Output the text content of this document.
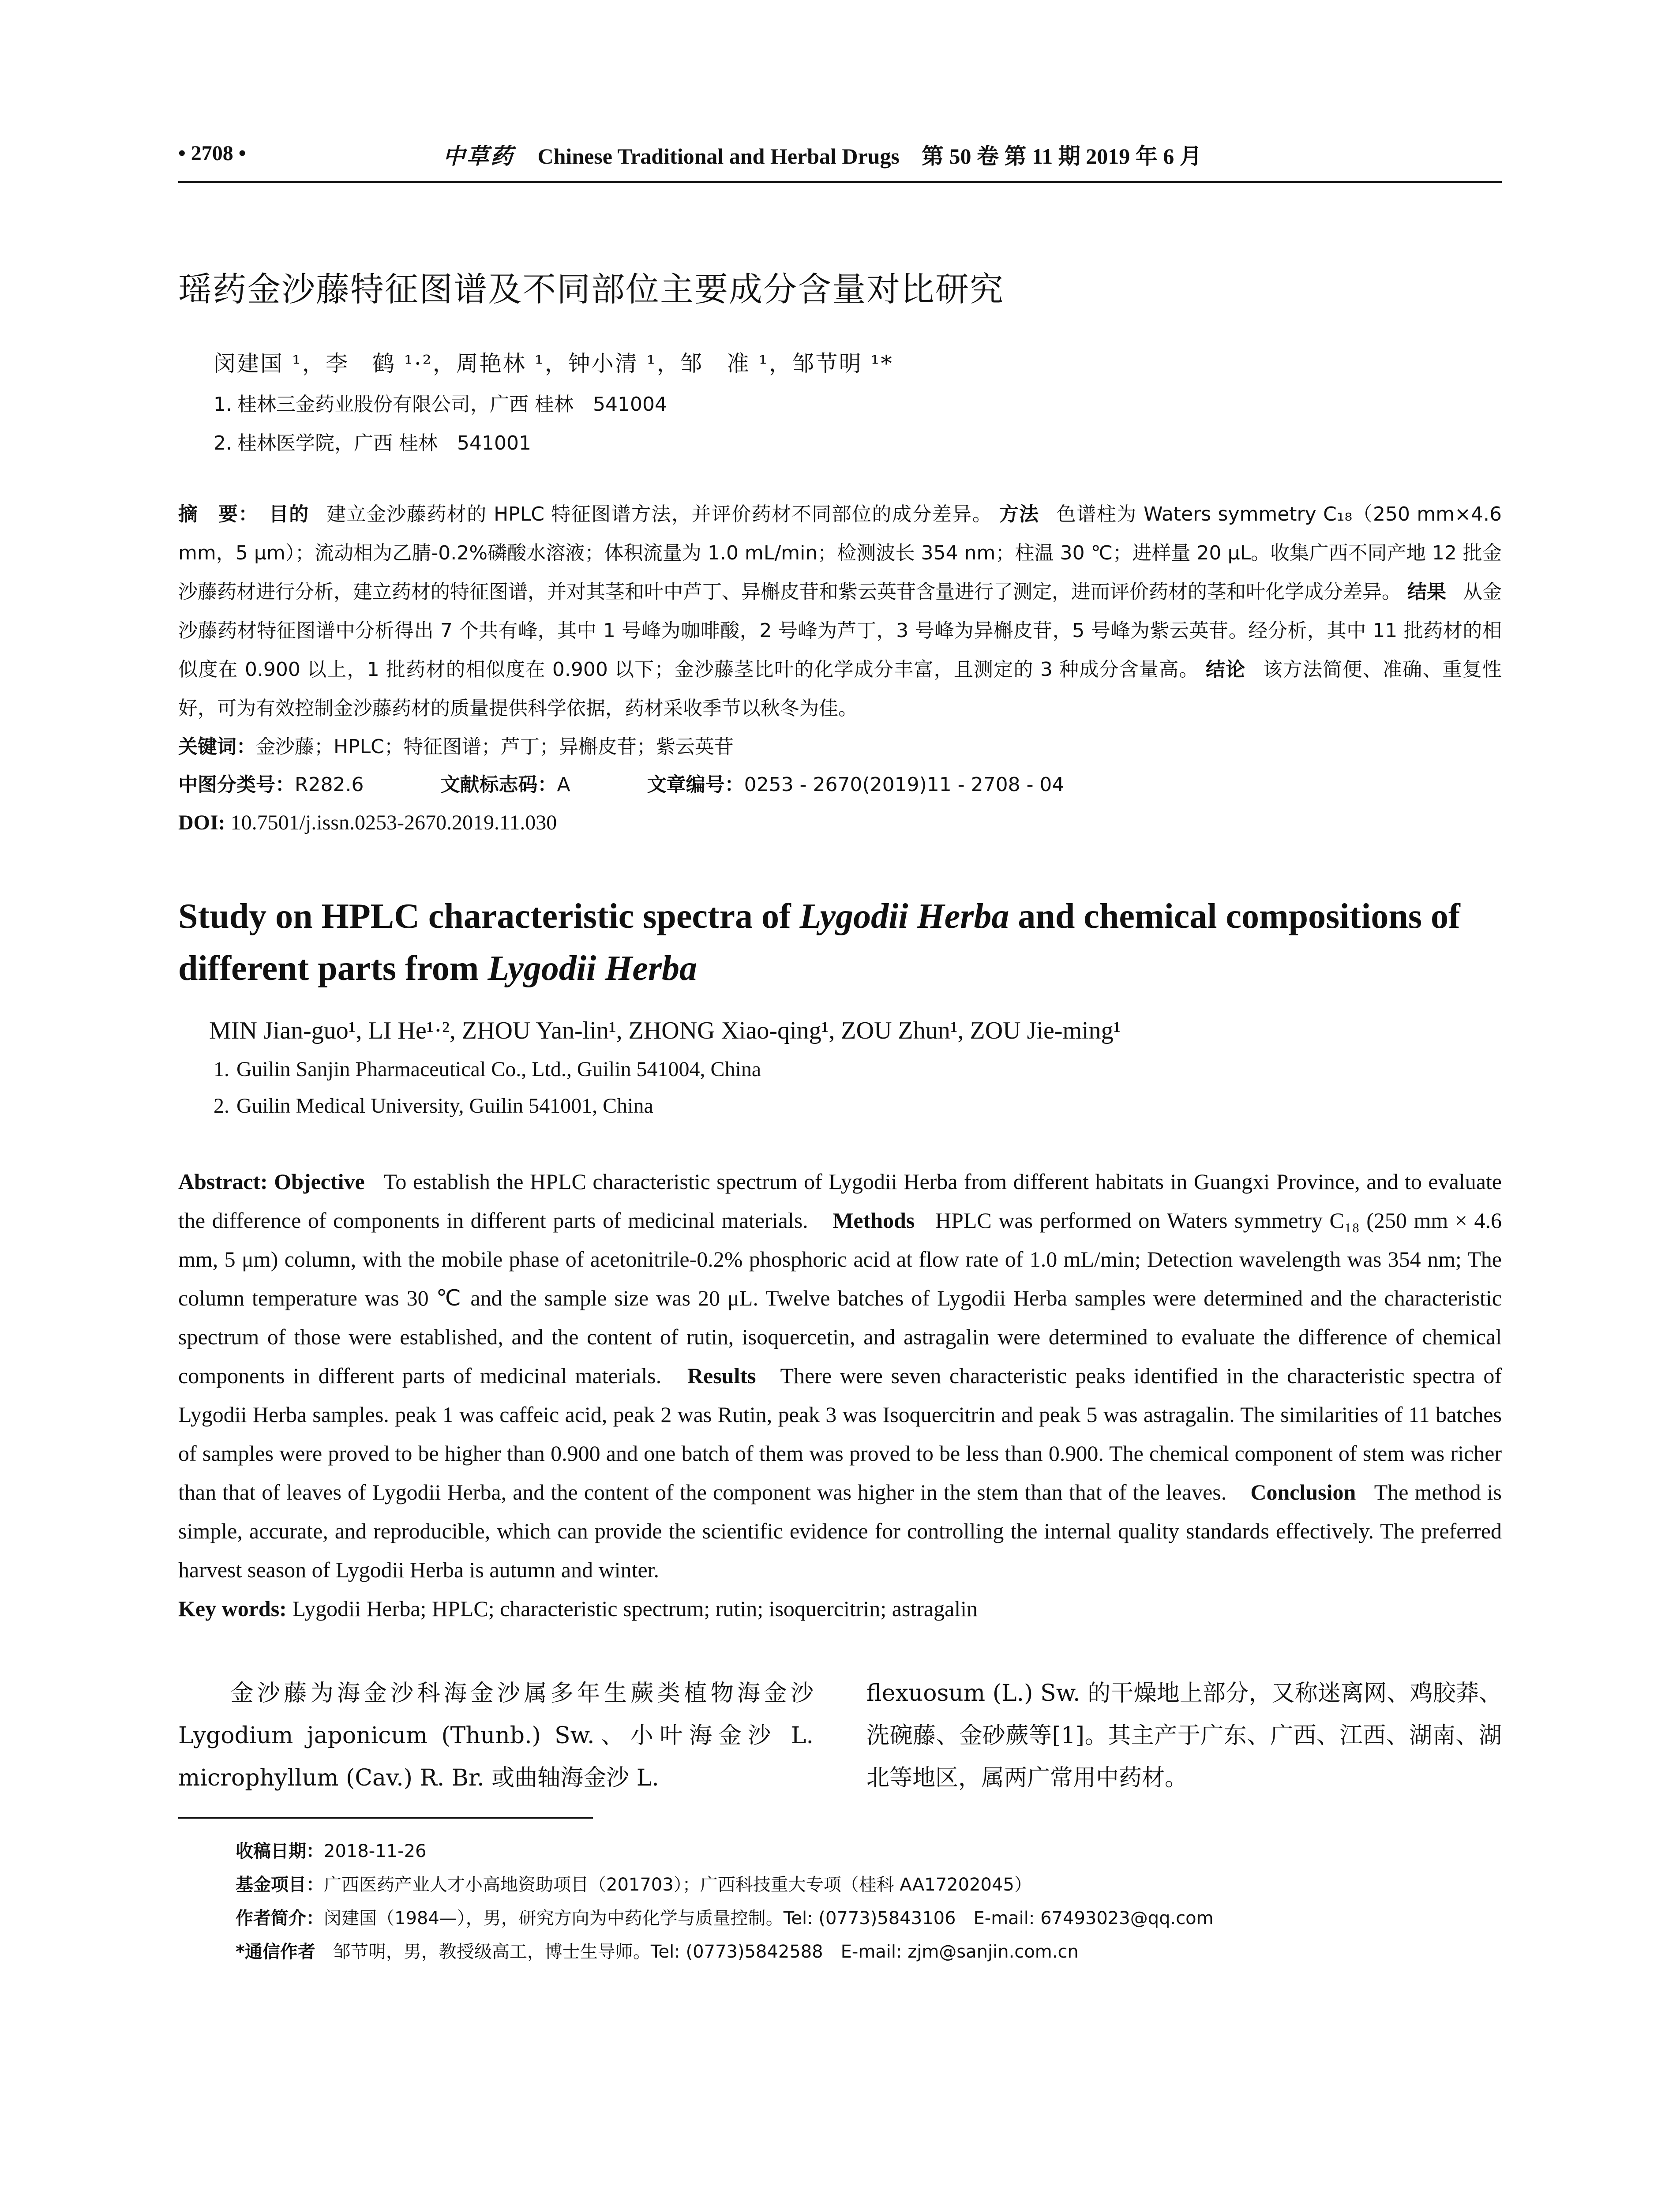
• 2708 •	中草药 Chinese Traditional and Herbal Drugs 第 50 卷 第 11 期 2019 年 6 月
瑶药金沙藤特征图谱及不同部位主要成分含量对比研究
闵建国 ¹，李　鹤 ¹·²，周艳林 ¹，钟小清 ¹，邹　准 ¹，邹节明 ¹*
1. 桂林三金药业股份有限公司，广西 桂林　541004
2. 桂林医学院，广西 桂林　541001
摘　要： 目的 建立金沙藤药材的 HPLC 特征图谱方法，并评价药材不同部位的成分差异。 方法 色谱柱为 Waters symmetry C₁₈（250 mm×4.6 mm，5 μm）；流动相为乙腈-0.2%磷酸水溶液；体积流量为 1.0 mL/min；检测波长 354 nm；柱温 30 ℃；进样量 20 μL。收集广西不同产地 12 批金沙藤药材进行分析，建立药材的特征图谱，并对其茎和叶中芦丁、异槲皮苷和紫云英苷含量进行了测定，进而评价药材的茎和叶化学成分差异。 结果 从金沙藤药材特征图谱中分析得出 7 个共有峰，其中 1 号峰为咖啡酸，2 号峰为芦丁，3 号峰为异槲皮苷，5 号峰为紫云英苷。经分析，其中 11 批药材的相似度在 0.900 以上，1 批药材的相似度在 0.900 以下；金沙藤茎比叶的化学成分丰富，且测定的 3 种成分含量高。 结论 该方法简便、准确、重复性好，可为有效控制金沙藤药材的质量提供科学依据，药材采收季节以秋冬为佳。
关键词：金沙藤；HPLC；特征图谱；芦丁；异槲皮苷；紫云英苷
中图分类号：R282.6	文献标志码：A	文章编号：0253 - 2670(2019)11 - 2708 - 04
DOI: 10.7501/j.issn.0253-2670.2019.11.030
Study on HPLC characteristic spectra of Lygodii Herba and chemical compositions of different parts from Lygodii Herba
MIN Jian-guo¹, LI He¹·², ZHOU Yan-lin¹, ZHONG Xiao-qing¹, ZOU Zhun¹, ZOU Jie-ming¹
1. Guilin Sanjin Pharmaceutical Co., Ltd., Guilin 541004, China
2. Guilin Medical University, Guilin 541001, China
Abstract: Objective To establish the HPLC characteristic spectrum of Lygodii Herba from different habitats in Guangxi Province, and to evaluate the difference of components in different parts of medicinal materials. Methods HPLC was performed on Waters symmetry C₁₈ (250 mm × 4.6 mm, 5 μm) column, with the mobile phase of acetonitrile-0.2% phosphoric acid at flow rate of 1.0 mL/min; Detection wavelength was 354 nm; The column temperature was 30 ℃ and the sample size was 20 μL. Twelve batches of Lygodii Herba samples were determined and the characteristic spectrum of those were established, and the content of rutin, isoquercetin, and astragalin were determined to evaluate the difference of chemical components in different parts of medicinal materials. Results There were seven characteristic peaks identified in the characteristic spectra of Lygodii Herba samples. peak 1 was caffeic acid, peak 2 was Rutin, peak 3 was Isoquercitrin and peak 5 was astragalin. The similarities of 11 batches of samples were proved to be higher than 0.900 and one batch of them was proved to be less than 0.900. The chemical component of stem was richer than that of leaves of Lygodii Herba, and the content of the component was higher in the stem than that of the leaves. Conclusion The method is simple, accurate, and reproducible, which can provide the scientific evidence for controlling the internal quality standards effectively. The preferred harvest season of Lygodii Herba is autumn and winter.
Key words: Lygodii Herba; HPLC; characteristic spectrum; rutin; isoquercitrin; astragalin
金沙藤为海金沙科海金沙属多年生蕨类植物海金沙 Lygodium japonicum (Thunb.) Sw.、小叶海金沙 L. microphyllum (Cav.) R. Br. 或曲轴海金沙 L.
flexuosum (L.) Sw. 的干燥地上部分，又称迷离网、鸡胶莽、洗碗藤、金砂蕨等[1]。其主产于广东、广西、江西、湖南、湖北等地区，属两广常用中药材。
收稿日期：2018-11-26
基金项目：广西医药产业人才小高地资助项目（201703）；广西科技重大专项（桂科 AA17202045）
作者简介：闵建国（1984—），男，研究方向为中药化学与质量控制。Tel: (0773)5843106　E-mail: 67493023@qq.com
*通信作者　邹节明，男，教授级高工，博士生导师。Tel: (0773)5842588　E-mail: zjm@sanjin.com.cn
